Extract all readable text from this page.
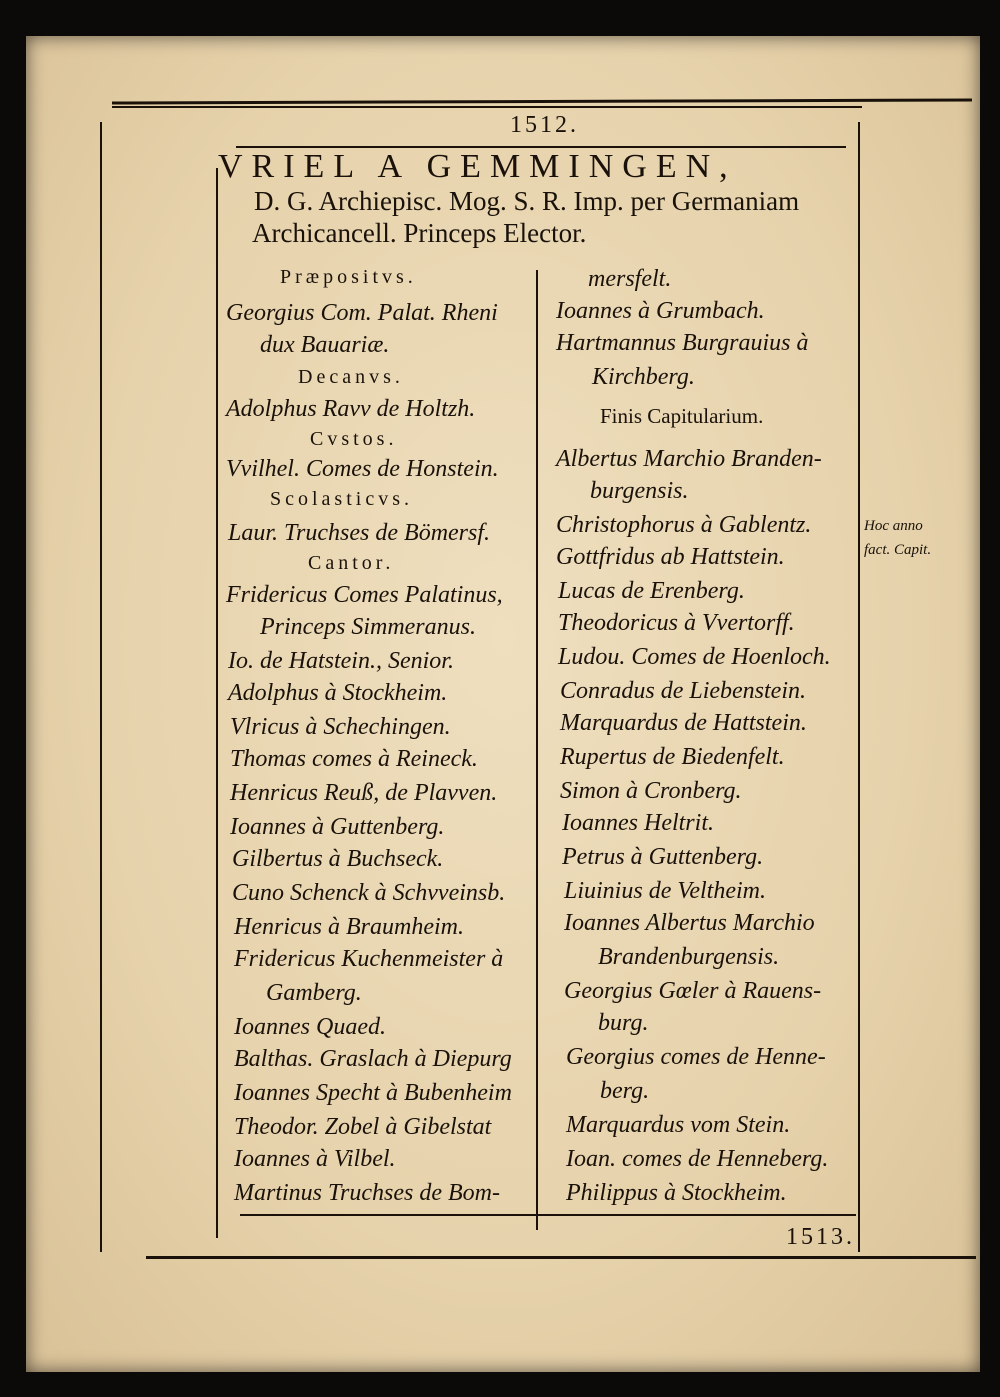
1512.
VRIEL A GEMMINGEN,
D. G. Archiepisc. Mog. S. R. Imp. per Germaniam
Archicancell. Princeps Elector.
Præpositvs.
Georgius Com. Palat. Rheni
dux Bauariæ.
Decanvs.
Adolphus Ravv de Holtzh.
Cvstos.
Vvilhel. Comes de Honstein.
Scolasticvs.
Laur. Truchses de Bömersf.
Cantor.
Fridericus Comes Palatinus,
Princeps Simmeranus.
Io. de Hatstein., Senior.
Adolphus à Stockheim.
Vlricus à Schechingen.
Thomas comes à Reineck.
Henricus Reuß, de Plavven.
Ioannes à Guttenberg.
Gilbertus à Buchseck.
Cuno Schenck à Schvveinsb.
Henricus à Braumheim.
Fridericus Kuchenmeister à
Gamberg.
Ioannes Quaed.
Balthas. Graslach à Diepurg
Ioannes Specht à Bubenheim
Theodor. Zobel à Gibelstat
Ioannes à Vilbel.
Martinus Truchses de Bom-
mersfelt.
Ioannes à Grumbach.
Hartmannus Burgrauius à
Kirchberg.
Finis Capitularium.
Albertus Marchio Branden-
burgensis.
Christophorus à Gablentz.
Gottfridus ab Hattstein.
Lucas de Erenberg.
Theodoricus à Vvertorff.
Ludou. Comes de Hoenloch.
Conradus de Liebenstein.
Marquardus de Hattstein.
Rupertus de Biedenfelt.
Simon à Cronberg.
Ioannes Heltrit.
Petrus à Guttenberg.
Liuinius de Veltheim.
Ioannes Albertus Marchio
Brandenburgensis.
Georgius Gœler à Rauens-
burg.
Georgius comes de Henne-
berg.
Marquardus vom Stein.
Ioan. comes de Henneberg.
Philippus à Stockheim.
Hoc anno
fact. Capit.
1513.
